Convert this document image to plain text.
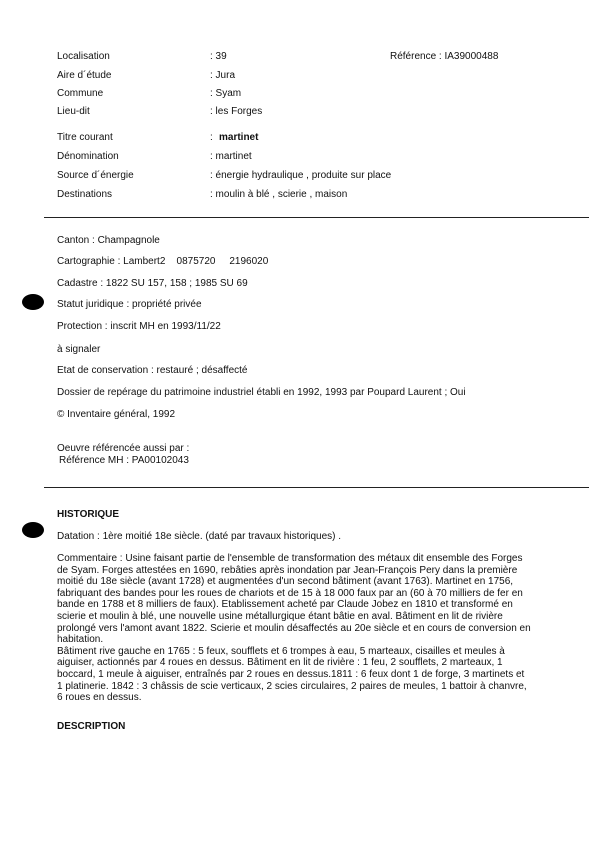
Localisation	: 39	Référence : IA39000488
Aire d´étude	: Jura
Commune	: Syam
Lieu-dit	: les Forges
Titre courant	: martinet
Dénomination	: martinet
Source d´énergie	: énergie hydraulique , produite sur place
Destinations	: moulin à blé , scierie , maison
Canton : Champagnole
Cartographie : Lambert2    0875720     2196020
Cadastre : 1822 SU 157, 158 ; 1985 SU 69
Statut juridique : propriété privée
Protection : inscrit MH en 1993/11/22
à signaler
Etat de conservation : restauré ; désaffecté
Dossier de repérage du patrimoine industriel établi en 1992, 1993 par Poupard Laurent ; Oui
© Inventaire général, 1992
Oeuvre référencée aussi par :
Référence MH : PA00102043
HISTORIQUE
Datation : 1ère moitié 18e siècle. (daté par travaux historiques) .
Commentaire : Usine faisant partie de l'ensemble de transformation des métaux dit ensemble des Forges
de Syam. Forges attestées en 1690, rebâties après inondation par Jean-François Pery dans la première
moitié du 18e siècle (avant 1728) et augmentées d'un second bâtiment (avant 1763). Martinet en 1756,
fabriquant des bandes pour les roues de chariots et de 15 à 18 000 faux par an (60 à 70 milliers de fer en
bande en 1788 et 8 milliers de faux). Etablissement acheté par Claude Jobez en 1810 et transformé en
scierie et moulin à blé, une nouvelle usine métallurgique étant bâtie en aval. Bâtiment en lit de rivière
prolongé vers l'amont avant 1822. Scierie et moulin désaffectés au 20e siècle et en cours de conversion en
habitation.
Bâtiment rive gauche en 1765 : 5 feux, soufflets et 6 trompes à eau, 5 marteaux, cisailles et meules à
aiguiser, actionnés par 4 roues en dessus. Bâtiment en lit de rivière : 1 feu, 2 soufflets, 2 marteaux, 1
boccard, 1 meule à aiguiser, entraînés par 2 roues en dessus.1811 : 6 feux dont 1 de forge, 3 martinets et
1 platinerie. 1842 : 3 châssis de scie verticaux, 2 scies circulaires, 2 paires de meules, 1 battoir à chanvre,
6 roues en dessus.
DESCRIPTION
